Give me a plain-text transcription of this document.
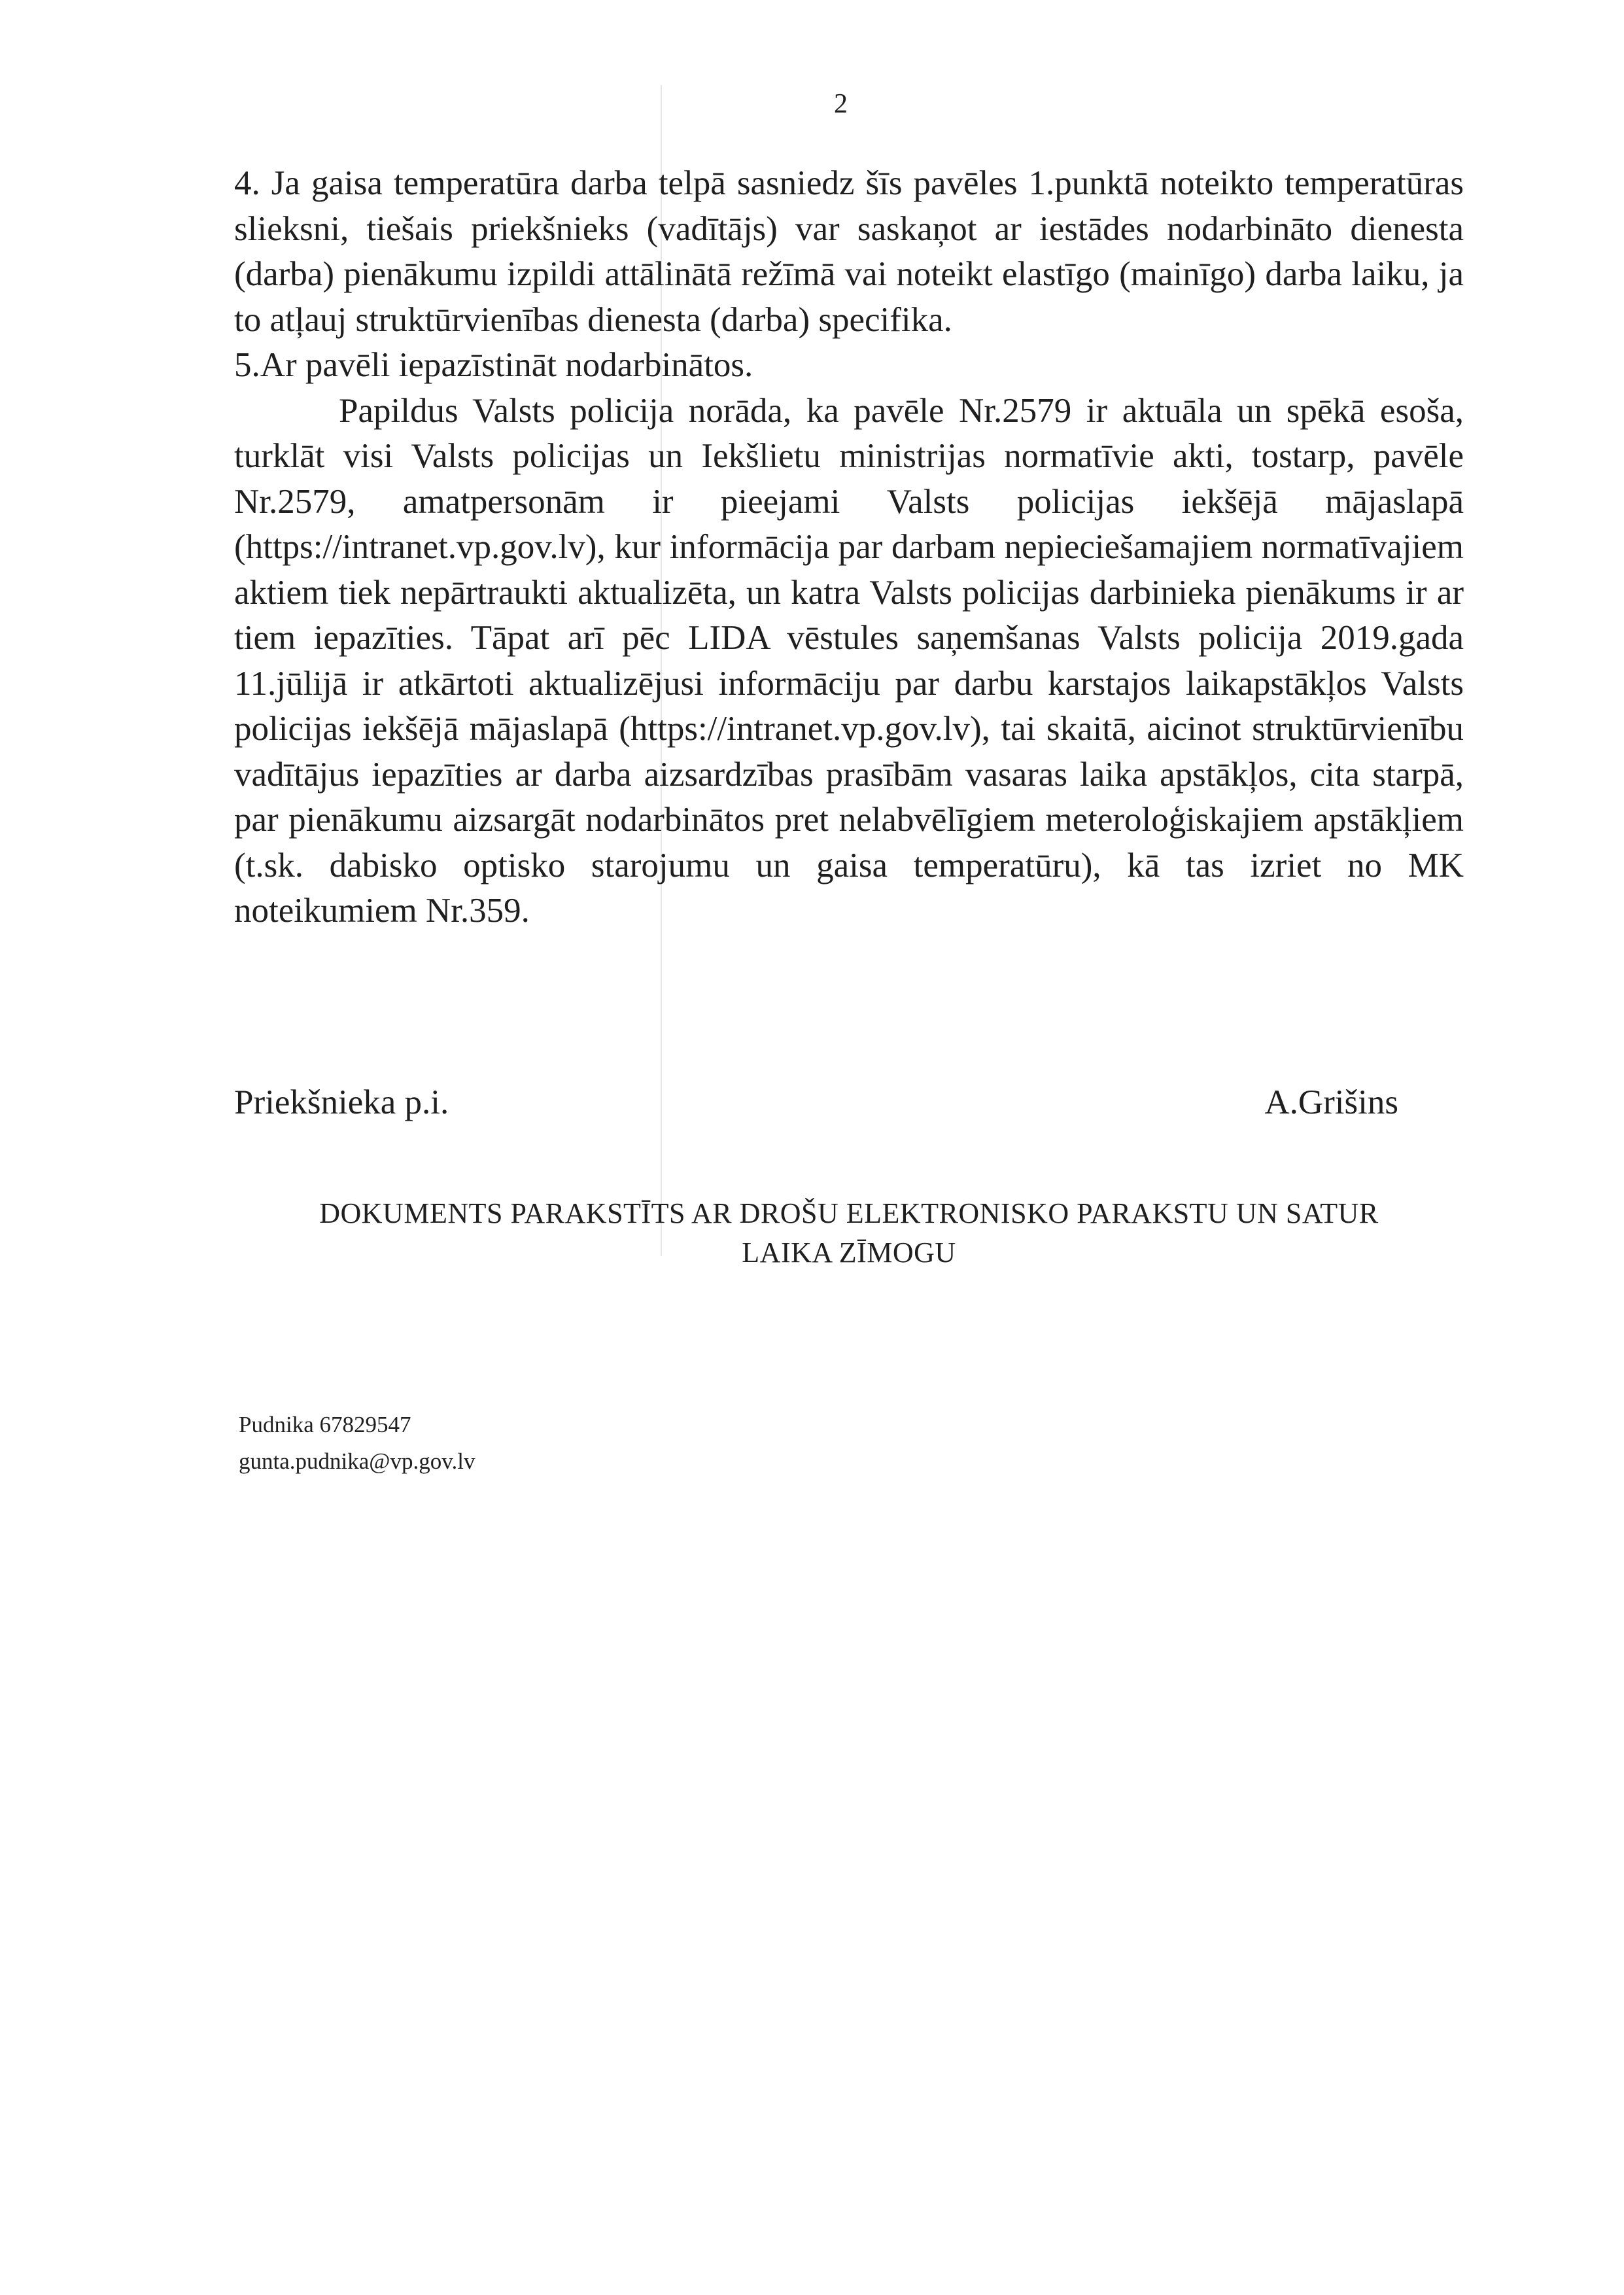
2

4. Ja gaisa temperatūra darba telpā sasniedz šīs pavēles 1.punktā noteikto temperatūras slieksni, tiešais priekšnieks (vadītājs) var saskaņot ar iestādes nodarbināto dienesta (darba) pienākumu izpildi attālinātā režīmā vai noteikt elastīgo (mainīgo) darba laiku, ja to atļauj struktūrvienības dienesta (darba) specifika.

5.Ar pavēli iepazīstināt nodarbinātos.

Papildus Valsts policija norāda, ka pavēle Nr.2579 ir aktuāla un spēkā esoša, turklāt visi Valsts policijas un Iekšlietu ministrijas normatīvie akti, tostarp, pavēle Nr.2579, amatpersonām ir pieejami Valsts policijas iekšējā mājaslapā (https://intranet.vp.gov.lv), kur informācija par darbam nepieciešamajiem normatīvajiem aktiem tiek nepārtraukti aktualizēta, un katra Valsts policijas darbinieka pienākums ir ar tiem iepazīties. Tāpat arī pēc LIDA vēstules saņemšanas Valsts policija 2019.gada 11.jūlijā ir atkārtoti aktualizējusi informāciju par darbu karstajos laikapstākļos Valsts policijas iekšējā mājaslapā (https://intranet.vp.gov.lv), tai skaitā, aicinot struktūrvienību vadītājus iepazīties ar darba aizsardzības prasībām vasaras laika apstākļos, cita starpā, par pienākumu aizsargāt nodarbinātos pret nelabvēlīgiem meteroloģiskajiem apstākļiem (t.sk. dabisko optisko starojumu un gaisa temperatūru), kā tas izriet no MK noteikumiem Nr.359.

Priekšnieka p.i.	A.Grišins
DOKUMENTS PARAKSTĪTS AR DROŠU ELEKTRONISKO PARAKSTU UN SATUR
LAIKA ZĪMOGU
Pudnika 67829547
gunta.pudnika@vp.gov.lv
